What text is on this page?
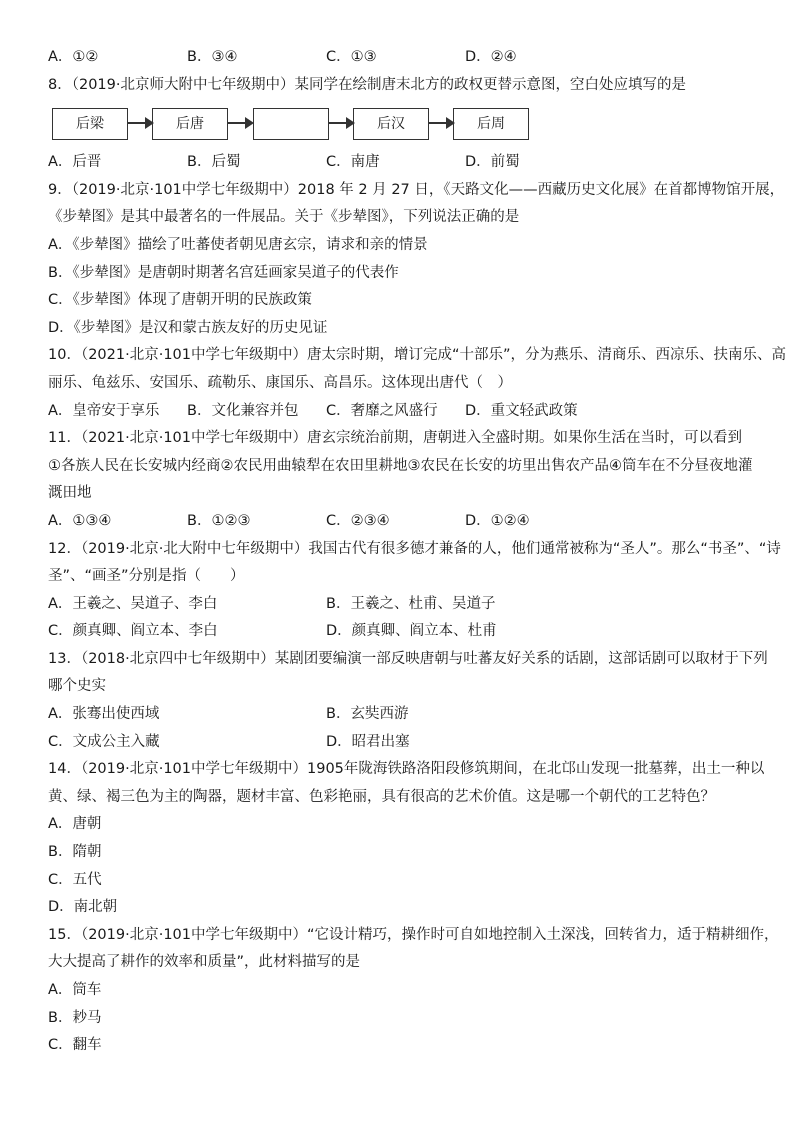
A．①②	B．③④	C．①③	D．②④
8．（2019·北京师大附中七年级期中）某同学在绘制唐末北方的政权更替示意图，空白处应填写的是
后梁	后唐	后汉	后周
A．后晋	B．后蜀	C．南唐	D．前蜀
9．（2019·北京·101中学七年级期中）2018 年 2 月 27 日，《天路文化——西藏历史文化展》在首都博物馆开展，
《步辇图》是其中最著名的一件展品。关于《步辇图》，下列说法正确的是
A．《步辇图》描绘了吐蕃使者朝见唐玄宗，请求和亲的情景
B．《步辇图》是唐朝时期著名宫廷画家吴道子的代表作
C．《步辇图》体现了唐朝开明的民族政策
D．《步辇图》是汉和蒙古族友好的历史见证
10．（2021·北京·101中学七年级期中）唐太宗时期，增订完成“十部乐”，分为燕乐、清商乐、西凉乐、扶南乐、高
丽乐、龟兹乐、安国乐、疏勒乐、康国乐、高昌乐。这体现出唐代（　）
A．皇帝安于享乐	B．文化兼容并包	C．奢靡之风盛行	D．重文轻武政策
11．（2021·北京·101中学七年级期中）唐玄宗统治前期，唐朝进入全盛时期。如果你生活在当时，可以看到
①各族人民在长安城内经商②农民用曲辕犁在农田里耕地③农民在长安的坊里出售农产品④筒车在不分昼夜地灌
溉田地
A．①③④	B．①②③	C．②③④	D．①②④
12．（2019·北京·北大附中七年级期中）我国古代有很多德才兼备的人，他们通常被称为“圣人”。那么“书圣”、“诗
圣”、“画圣”分别是指（　　）
A．王羲之、吴道子、李白	B．王羲之、杜甫、吴道子
C．颜真卿、阎立本、李白	D．颜真卿、阎立本、杜甫
13．（2018·北京四中七年级期中）某剧团要编演一部反映唐朝与吐蕃友好关系的话剧，这部话剧可以取材于下列
哪个史实
A．张骞出使西域	B．玄奘西游
C．文成公主入藏	D．昭君出塞
14．（2019·北京·101中学七年级期中）1905年陇海铁路洛阳段修筑期间，在北邙山发现一批墓葬，出土一种以
黄、绿、褐三色为主的陶器，题材丰富、色彩艳丽，具有很高的艺术价值。这是哪一个朝代的工艺特色？
A．唐朝
B．隋朝
C．五代
D．南北朝
15．（2019·北京·101中学七年级期中）“它设计精巧，操作时可自如地控制入土深浅，回转省力，适于精耕细作，
大大提高了耕作的效率和质量”，此材料描写的是
A．筒车
B．耖马
C．翻车
